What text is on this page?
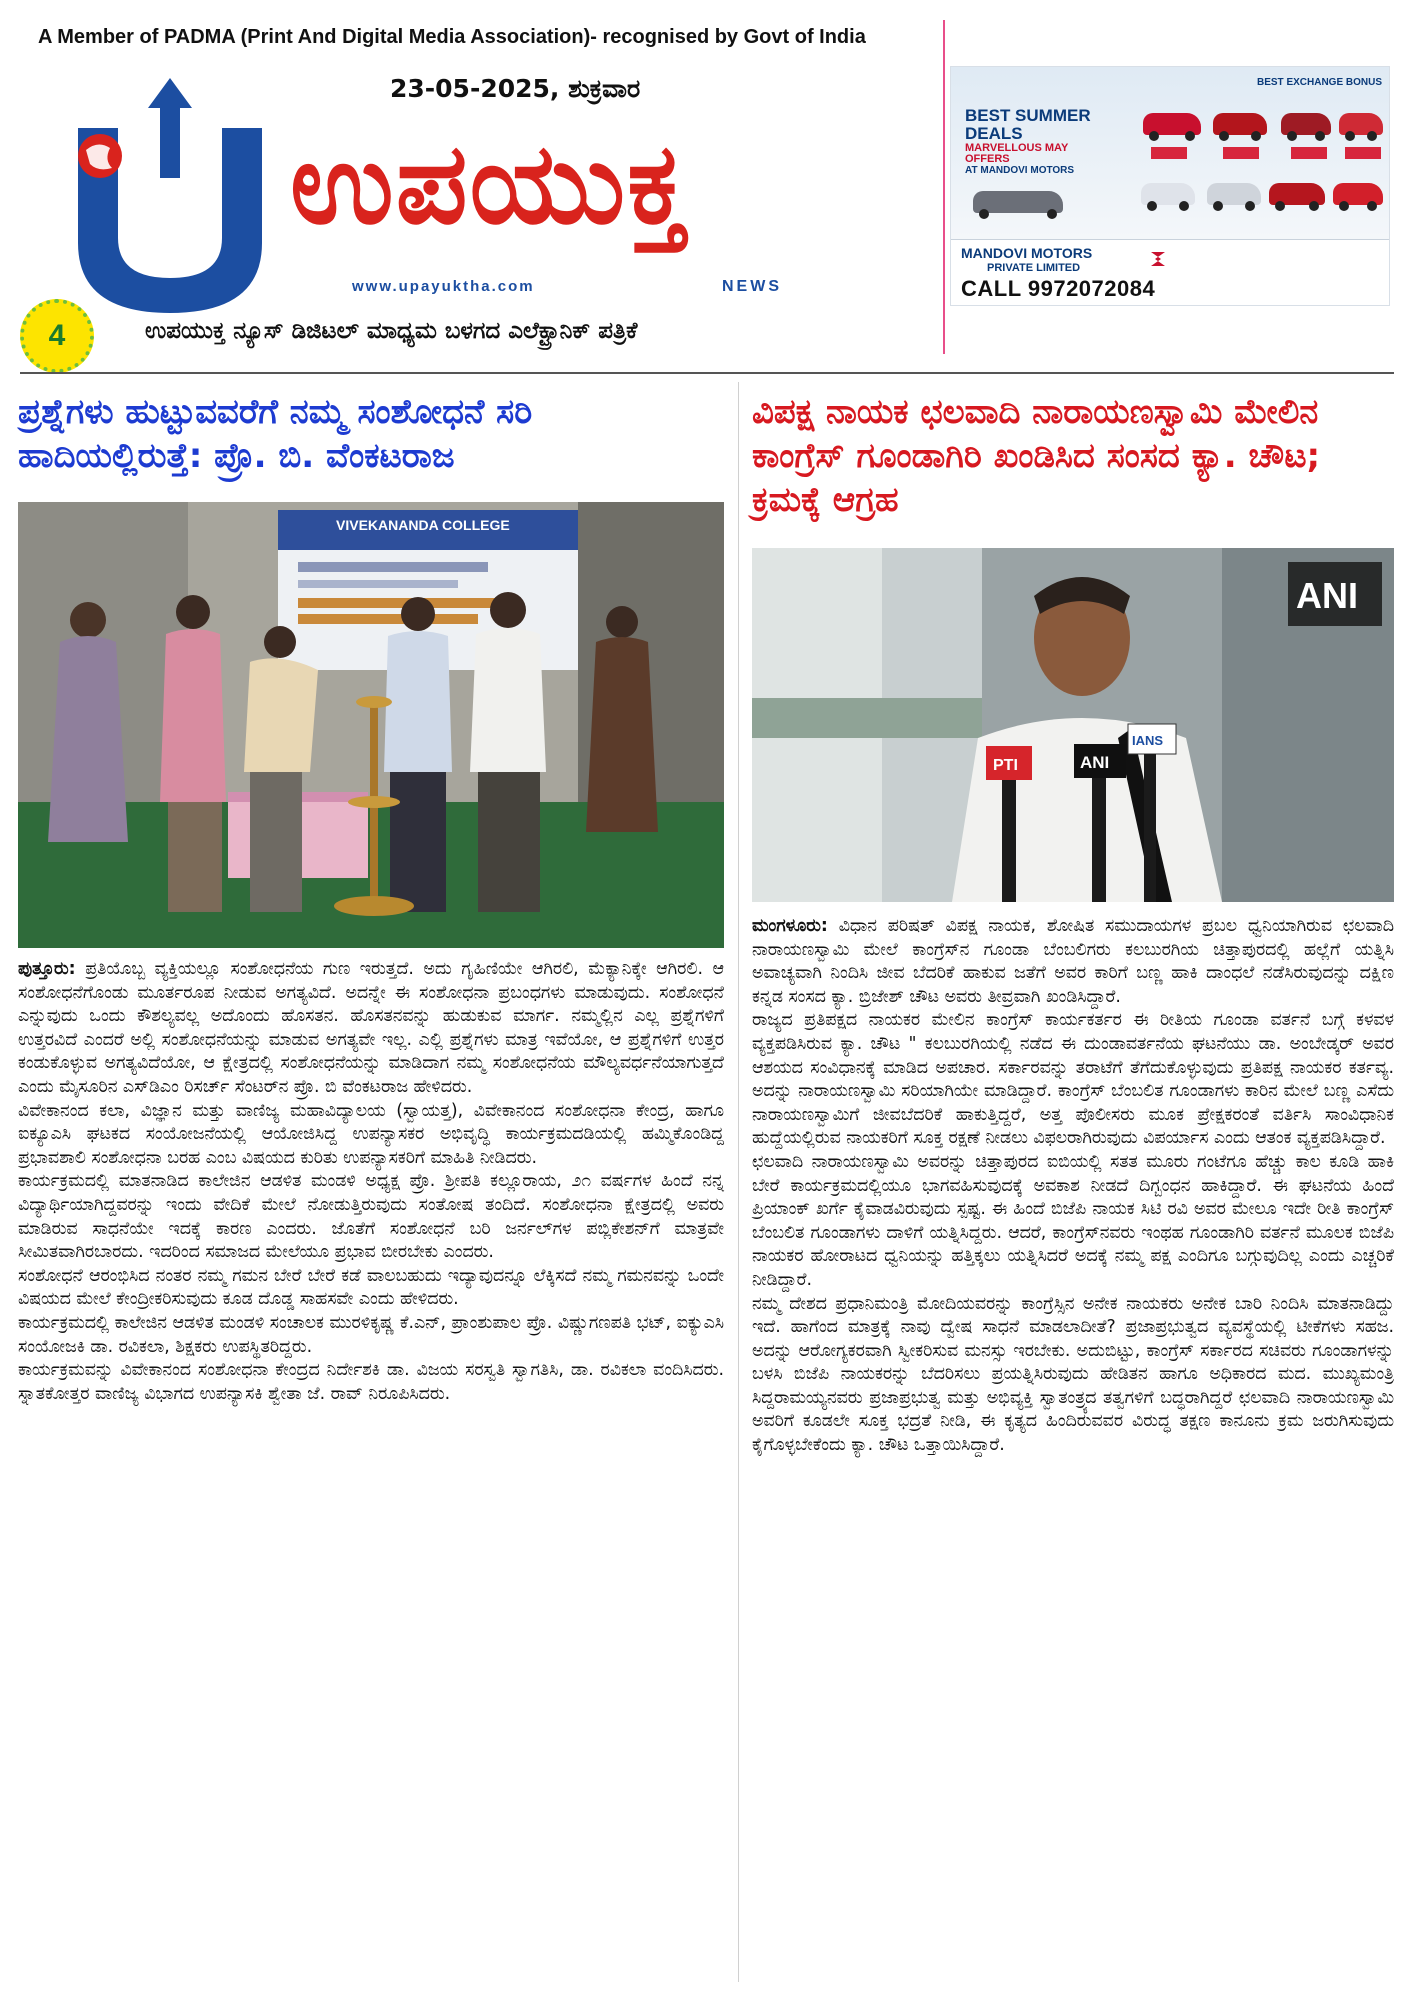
A Member of PADMA (Print And Digital Media Association)- recognised by Govt of India
23-05-2025, ಶುಕ್ರವಾರ
ಉಪಯುಕ್ತ
www.upayuktha.com	NEWS
4	ಉಪಯುಕ್ತ ನ್ಯೂಸ್ ಡಿಜಿಟಲ್ ಮಾಧ್ಯಮ ಬಳಗದ ಎಲೆಕ್ಟ್ರಾನಿಕ್ ಪತ್ರಿಕೆ
BEST SUMMER DEALS
MARVELLOUS MAY OFFERS
AT MANDOVI MOTORS
BEST EXCHANGE BONUS
MANDOVI MOTORS
PRIVATE LIMITED
CALL 9972072084
ಪ್ರಶ್ನೆಗಳು ಹುಟ್ಟುವವರೆಗೆ ನಮ್ಮ ಸಂಶೋಧನೆ ಸರಿ ಹಾದಿಯಲ್ಲಿರುತ್ತೆ: ಪ್ರೊ. ಬಿ. ವೆಂಕಟರಾಜ
VIVEKANANDA COLLEGE

ಪುತ್ತೂರು: ಪ್ರತಿಯೊಬ್ಬ ವ್ಯಕ್ತಿಯಲ್ಲೂ ಸಂಶೋಧನೆಯ ಗುಣ ಇರುತ್ತದೆ. ಅದು ಗೃಹಿಣಿಯೇ ಆಗಿರಲಿ, ಮೆಕ್ಯಾನಿಕ್ಕೇ ಆಗಿರಲಿ. ಆ ಸಂಶೋಧನೆಗೊಂಡು ಮೂರ್ತರೂಪ ನೀಡುವ ಅಗತ್ಯವಿದೆ. ಅದನ್ನೇ ಈ ಸಂಶೋಧನಾ ಪ್ರಬಂಧಗಳು ಮಾಡುವುದು. ಸಂಶೋಧನೆ ಎನ್ನುವುದು ಒಂದು ಕೌಶಲ್ಯವಲ್ಲ ಅದೊಂದು ಹೊಸತನ. ಹೊಸತನವನ್ನು ಹುಡುಕುವ ಮಾರ್ಗ. ನಮ್ಮಲ್ಲಿನ ಎಲ್ಲ ಪ್ರಶ್ನೆಗಳಿಗೆ ಉತ್ತರವಿದೆ ಎಂದರೆ ಅಲ್ಲಿ ಸಂಶೋಧನೆಯನ್ನು ಮಾಡುವ ಅಗತ್ಯವೇ ಇಲ್ಲ. ಎಲ್ಲಿ ಪ್ರಶ್ನೆಗಳು ಮಾತ್ರ ಇವೆಯೋ, ಆ ಪ್ರಶ್ನೆಗಳಿಗೆ ಉತ್ತರ ಕಂಡುಕೊಳ್ಳುವ ಅಗತ್ಯವಿದೆಯೋ, ಆ ಕ್ಷೇತ್ರದಲ್ಲಿ ಸಂಶೋಧನೆಯನ್ನು ಮಾಡಿದಾಗ ನಮ್ಮ ಸಂಶೋಧನೆಯ ಮೌಲ್ಯವರ್ಧನೆಯಾಗುತ್ತದೆ ಎಂದು ಮೈಸೂರಿನ ಎಸ್‌ಡಿಎಂ ರಿಸರ್ಚ್ ಸೆಂಟರ್‌ನ ಪ್ರೊ. ಬಿ ವೆಂಕಟರಾಜ ಹೇಳಿದರು.

ವಿವೇಕಾನಂದ ಕಲಾ, ವಿಜ್ಞಾನ ಮತ್ತು ವಾಣಿಜ್ಯ ಮಹಾವಿದ್ಯಾಲಯ (ಸ್ವಾಯತ್ತ), ವಿವೇಕಾನಂದ ಸಂಶೋಧನಾ ಕೇಂದ್ರ, ಹಾಗೂ ಐಕ್ಯೂಎಸಿ ಘಟಕದ ಸಂಯೋಜನೆಯಲ್ಲಿ ಆಯೋಜಿಸಿದ್ದ ಉಪನ್ಯಾಸಕರ ಅಭಿವೃದ್ಧಿ ಕಾರ್ಯಕ್ರಮದಡಿಯಲ್ಲಿ ಹಮ್ಮಿಕೊಂಡಿದ್ದ ಪ್ರಭಾವಶಾಲಿ ಸಂಶೋಧನಾ ಬರಹ ಎಂಬ ವಿಷಯದ ಕುರಿತು ಉಪನ್ಯಾಸಕರಿಗೆ ಮಾಹಿತಿ ನೀಡಿದರು.

ಕಾರ್ಯಕ್ರಮದಲ್ಲಿ ಮಾತನಾಡಿದ ಕಾಲೇಜಿನ ಆಡಳಿತ ಮಂಡಳಿ ಅಧ್ಯಕ್ಷ ಪ್ರೊ. ಶ್ರೀಪತಿ ಕಲ್ಲೂರಾಯ, ೨೧ ವರ್ಷಗಳ ಹಿಂದೆ ನನ್ನ ವಿದ್ಯಾರ್ಥಿಯಾಗಿದ್ದವರನ್ನು ಇಂದು ವೇದಿಕೆ ಮೇಲೆ ನೋಡುತ್ತಿರುವುದು ಸಂತೋಷ ತಂದಿದೆ. ಸಂಶೋಧನಾ ಕ್ಷೇತ್ರದಲ್ಲಿ ಅವರು ಮಾಡಿರುವ ಸಾಧನೆಯೇ ಇದಕ್ಕೆ ಕಾರಣ ಎಂದರು. ಜೊತೆಗೆ ಸಂಶೋಧನೆ ಬರಿ ಜರ್ನಲ್‌ಗಳ ಪಬ್ಲಿಕೇಶನ್‌ಗೆ ಮಾತ್ರವೇ ಸೀಮಿತವಾಗಿರಬಾರದು. ಇದರಿಂದ ಸಮಾಜದ ಮೇಲೆಯೂ ಪ್ರಭಾವ ಬೀರಬೇಕು ಎಂದರು.

ಸಂಶೋಧನೆ ಆರಂಭಿಸಿದ ನಂತರ ನಮ್ಮ ಗಮನ ಬೇರೆ ಬೇರೆ ಕಡೆ ವಾಲಬಹುದು ಇದ್ಯಾವುದನ್ನೂ ಲೆಕ್ಕಿಸದೆ ನಮ್ಮ ಗಮನವನ್ನು ಒಂದೇ ವಿಷಯದ ಮೇಲೆ ಕೇಂದ್ರೀಕರಿಸುವುದು ಕೂಡ ದೊಡ್ಡ ಸಾಹಸವೇ ಎಂದು ಹೇಳಿದರು.

ಕಾರ್ಯಕ್ರಮದಲ್ಲಿ ಕಾಲೇಜಿನ ಆಡಳಿತ ಮಂಡಳಿ ಸಂಚಾಲಕ ಮುರಳಿಕೃಷ್ಣ ಕೆ.ಎನ್, ಪ್ರಾಂಶುಪಾಲ ಪ್ರೊ. ವಿಷ್ಣುಗಣಪತಿ ಭಟ್, ಐಕ್ಯುಎಸಿ ಸಂಯೋಜಕಿ ಡಾ. ರವಿಕಲಾ, ಶಿಕ್ಷಕರು ಉಪಸ್ಥಿತರಿದ್ದರು.

ಕಾರ್ಯಕ್ರಮವನ್ನು ವಿವೇಕಾನಂದ ಸಂಶೋಧನಾ ಕೇಂದ್ರದ ನಿರ್ದೇಶಕಿ ಡಾ. ವಿಜಯ ಸರಸ್ವತಿ ಸ್ವಾಗತಿಸಿ, ಡಾ. ರವಿಕಲಾ ವಂದಿಸಿದರು. ಸ್ನಾತಕೋತ್ತರ ವಾಣಿಜ್ಯ ವಿಭಾಗದ ಉಪನ್ಯಾಸಕಿ ಶ್ವೇತಾ ಜೆ. ರಾವ್ ನಿರೂಪಿಸಿದರು.

ವಿಪಕ್ಷ ನಾಯಕ ಛಲವಾದಿ ನಾರಾಯಣಸ್ವಾಮಿ ಮೇಲಿನ ಕಾಂಗ್ರೆಸ್ ಗೂಂಡಾಗಿರಿ ಖಂಡಿಸಿದ ಸಂಸದ ಕ್ಯಾ. ಚೌಟ; ಕ್ರಮಕ್ಕೆ ಆಗ್ರಹ
PTI	ANI
IANS
ANI

ಮಂಗಳೂರು: ವಿಧಾನ ಪರಿಷತ್ ವಿಪಕ್ಷ ನಾಯಕ, ಶೋಷಿತ ಸಮುದಾಯಗಳ ಪ್ರಬಲ ಧ್ವನಿಯಾಗಿರುವ ಛಲವಾದಿ ನಾರಾಯಣಸ್ವಾಮಿ ಮೇಲೆ ಕಾಂಗ್ರೆಸ್‌ನ ಗೂಂಡಾ ಬೆಂಬಲಿಗರು ಕಲಬುರಗಿಯ ಚಿತ್ತಾಪುರದಲ್ಲಿ ಹಲ್ಲೆಗೆ ಯತ್ನಿಸಿ ಅವಾಚ್ಯವಾಗಿ ನಿಂದಿಸಿ ಜೀವ ಬೆದರಿಕೆ ಹಾಕುವ ಜತೆಗೆ ಅವರ ಕಾರಿಗೆ ಬಣ್ಣ ಹಾಕಿ ದಾಂಧಲೆ ನಡೆಸಿರುವುದನ್ನು ದಕ್ಷಿಣ ಕನ್ನಡ ಸಂಸದ ಕ್ಯಾ. ಬ್ರಿಜೇಶ್ ಚೌಟ ಅವರು ತೀವ್ರವಾಗಿ ಖಂಡಿಸಿದ್ದಾರೆ.

ರಾಜ್ಯದ ಪ್ರತಿಪಕ್ಷದ ನಾಯಕರ ಮೇಲಿನ ಕಾಂಗ್ರೆಸ್ ಕಾರ್ಯಕರ್ತರ ಈ ರೀತಿಯ ಗೂಂಡಾ ವರ್ತನೆ ಬಗ್ಗೆ ಕಳವಳ ವ್ಯಕ್ತಪಡಿಸಿರುವ ಕ್ಯಾ. ಚೌಟ " ಕಲಬುರಗಿಯಲ್ಲಿ ನಡೆದ ಈ ದುಂಡಾವರ್ತನೆಯ ಘಟನೆಯು ಡಾ. ಅಂಬೇಡ್ಕರ್ ಅವರ ಆಶಯದ ಸಂವಿಧಾನಕ್ಕೆ ಮಾಡಿದ ಅಪಚಾರ. ಸರ್ಕಾರವನ್ನು ತರಾಟೆಗೆ ತೆಗೆದುಕೊಳ್ಳುವುದು ಪ್ರತಿಪಕ್ಷ ನಾಯಕರ ಕರ್ತವ್ಯ. ಅದನ್ನು ನಾರಾಯಣಸ್ವಾಮಿ ಸರಿಯಾಗಿಯೇ ಮಾಡಿದ್ದಾರೆ. ಕಾಂಗ್ರೆಸ್ ಬೆಂಬಲಿತ ಗೂಂಡಾಗಳು ಕಾರಿನ ಮೇಲೆ ಬಣ್ಣ ಎಸೆದು ನಾರಾಯಣಸ್ವಾಮಿಗೆ ಜೀವಬೆದರಿಕೆ ಹಾಕುತ್ತಿದ್ದರೆ, ಅತ್ತ ಪೊಲೀಸರು ಮೂಕ ಪ್ರೇಕ್ಷಕರಂತೆ ವರ್ತಿಸಿ ಸಾಂವಿಧಾನಿಕ ಹುದ್ದೆಯಲ್ಲಿರುವ ನಾಯಕರಿಗೆ ಸೂಕ್ತ ರಕ್ಷಣೆ ನೀಡಲು ವಿಫಲರಾಗಿರುವುದು ವಿಪರ್ಯಾಸ ಎಂದು ಆತಂಕ ವ್ಯಕ್ತಪಡಿಸಿದ್ದಾರೆ.

ಛಲವಾದಿ ನಾರಾಯಣಸ್ವಾಮಿ ಅವರನ್ನು ಚಿತ್ತಾಪುರದ ಐಬಿಯಲ್ಲಿ ಸತತ ಮೂರು ಗಂಟೆಗೂ ಹೆಚ್ಚು ಕಾಲ ಕೂಡಿ ಹಾಕಿ ಬೇರೆ ಕಾರ್ಯಕ್ರಮದಲ್ಲಿಯೂ ಭಾಗವಹಿಸುವುದಕ್ಕೆ ಅವಕಾಶ ನೀಡದೆ ದಿಗ್ಬಂಧನ ಹಾಕಿದ್ದಾರೆ. ಈ ಘಟನೆಯ ಹಿಂದೆ ಪ್ರಿಯಾಂಕ್ ಖರ್ಗೆ ಕೈವಾಡವಿರುವುದು ಸ್ಪಷ್ಟ. ಈ ಹಿಂದೆ ಬಿಜೆಪಿ ನಾಯಕ ಸಿಟಿ ರವಿ ಅವರ ಮೇಲೂ ಇದೇ ರೀತಿ ಕಾಂಗ್ರೆಸ್ ಬೆಂಬಲಿತ ಗೂಂಡಾಗಳು ದಾಳಿಗೆ ಯತ್ನಿಸಿದ್ದರು. ಆದರೆ, ಕಾಂಗ್ರೆಸ್‌ನವರು ಇಂಥಹ ಗೂಂಡಾಗಿರಿ ವರ್ತನೆ ಮೂಲಕ ಬಿಜೆಪಿ ನಾಯಕರ ಹೋರಾಟದ ಧ್ವನಿಯನ್ನು ಹತ್ತಿಕ್ಕಲು ಯತ್ನಿಸಿದರೆ ಅದಕ್ಕೆ ನಮ್ಮ ಪಕ್ಷ ಎಂದಿಗೂ ಬಗ್ಗುವುದಿಲ್ಲ ಎಂದು ಎಚ್ಚರಿಕೆ ನೀಡಿದ್ದಾರೆ.

ನಮ್ಮ ದೇಶದ ಪ್ರಧಾನಿಮಂತ್ರಿ ಮೋದಿಯವರನ್ನು ಕಾಂಗ್ರೆಸ್ಸಿನ ಅನೇಕ ನಾಯಕರು ಅನೇಕ ಬಾರಿ ನಿಂದಿಸಿ ಮಾತನಾಡಿದ್ದು ಇದೆ. ಹಾಗೆಂದ ಮಾತ್ರಕ್ಕೆ ನಾವು ದ್ವೇಷ ಸಾಧನೆ ಮಾಡಲಾದೀತೆ? ಪ್ರಜಾಪ್ರಭುತ್ವದ ವ್ಯವಸ್ಥೆಯಲ್ಲಿ ಟೀಕೆಗಳು ಸಹಜ. ಅದನ್ನು ಆರೋಗ್ಯಕರವಾಗಿ ಸ್ವೀಕರಿಸುವ ಮನಸ್ಸು ಇರಬೇಕು. ಅದುಬಿಟ್ಟು, ಕಾಂಗ್ರೆಸ್ ಸರ್ಕಾರದ ಸಚಿವರು ಗೂಂಡಾಗಳನ್ನು ಬಳಸಿ ಬಿಜೆಪಿ ನಾಯಕರನ್ನು ಬೆದರಿಸಲು ಪ್ರಯತ್ನಿಸಿರುವುದು ಹೇಡಿತನ ಹಾಗೂ ಅಧಿಕಾರದ ಮದ. ಮುಖ್ಯಮಂತ್ರಿ ಸಿದ್ದರಾಮಯ್ಯನವರು ಪ್ರಜಾಪ್ರಭುತ್ವ ಮತ್ತು ಅಭಿವ್ಯಕ್ತಿ ಸ್ವಾತಂತ್ರ್ಯದ ತತ್ವಗಳಿಗೆ ಬದ್ಧರಾಗಿದ್ದರೆ ಛಲವಾದಿ ನಾರಾಯಣಸ್ವಾಮಿ ಅವರಿಗೆ ಕೂಡಲೇ ಸೂಕ್ತ ಭದ್ರತೆ ನೀಡಿ, ಈ ಕೃತ್ಯದ ಹಿಂದಿರುವವರ ವಿರುದ್ಧ ತಕ್ಷಣ ಕಾನೂನು ಕ್ರಮ ಜರುಗಿಸುವುದು ಕೈಗೊಳ್ಳಬೇಕೆಂದು ಕ್ಯಾ. ಚೌಟ ಒತ್ತಾಯಿಸಿದ್ದಾರೆ.
